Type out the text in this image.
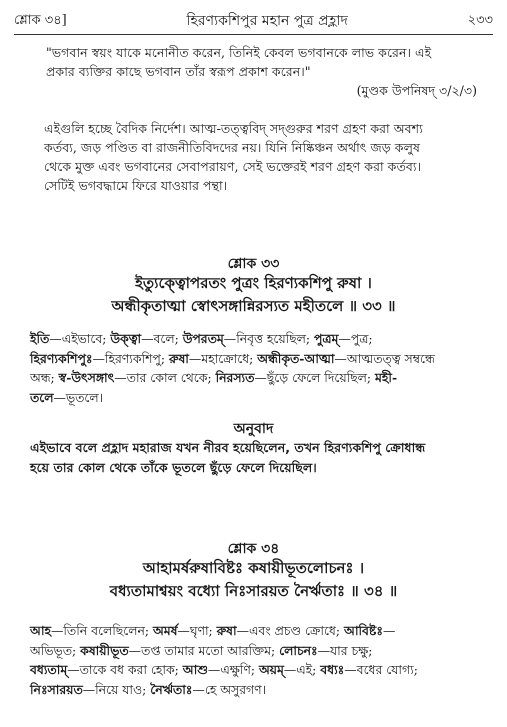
শ্লোক ৩৪]	হিরণ্যকশিপুর মহান পুত্র প্রহ্লাদ	২৩৩
"ভগবান স্বয়ং যাকে মনোনীত করেন, তিনিই কেবল ভগবানকে লাভ করেন। এই
প্রকার ব্যক্তির কাছে ভগবান তাঁর স্বরূপ প্রকাশ করেন।"
(মুণ্ডক উপনিষদ্ ৩/২/৩)
এইগুলি হচ্ছে বৈদিক নির্দেশ। আত্ম-তত্ত্ববিদ্ সদ্গুরুর শরণ গ্রহণ করা অবশ্য
কর্তব্য, জড় পণ্ডিত বা রাজনীতিবিদদের নয়। যিনি নিষ্কিঞ্চন অর্থাৎ জড় কলুষ
থেকে মুক্ত এবং ভগবানের সেবাপরায়ণ, সেই ভক্তেরই শরণ গ্রহণ করা কর্তব্য।
সেটিই ভগবদ্ধামে ফিরে যাওয়ার পন্থা।
শ্লোক ৩৩
ইত্যুক্ত্বোপরতং পুত্রং হিরণ্যকশিপু রুষা ।
অন্ধীকৃতাত্মা স্বোৎসঙ্গান্নিরস্যত মহীতলে ॥ ৩৩ ॥
ইতি—এইভাবে; উক্ত্বা—বলে; উপরতম্—নিবৃত্ত হয়েছিল; পুত্রম্—পুত্র;
হিরণ্যকশিপুঃ—হিরণ্যকশিপু; রুষা—মহাক্রোধে; অন্ধীকৃত-আত্মা—আত্মতত্ত্ব সম্বন্ধে
অন্ধ; স্ব-উৎসঙ্গাৎ—তার কোল থেকে; নিরস্যত—ছুঁড়ে ফেলে দিয়েছিল; মহী-
তলে—ভূতলে।
অনুবাদ
এইভাবে বলে প্রহ্লাদ মহারাজ যখন নীরব হয়েছিলেন, তখন হিরণ্যকশিপু ক্রোধান্ধ
হয়ে তার কোল থেকে তাঁকে ভূতলে ছুঁড়ে ফেলে দিয়েছিল।
শ্লোক ৩৪
আহামর্ষরুষাবিষ্টঃ কষায়ীভূতলোচনঃ ।
বধ্যতামাশ্বয়ং বধ্যো নিঃসারয়ত নৈর্ঋতাঃ ॥ ৩৪ ॥
আহ—তিনি বলেছিলেন; অমর্ষ—ঘৃণা; রুষা—এবং প্রচণ্ড ক্রোধে; আবিষ্টঃ—
অভিভূত; কষায়ীভূত—তপ্ত তামার মতো আরক্তিম; লোচনঃ—যার চক্ষু;
বধ্যতাম্—তাকে বধ করা হোক; আশু—এক্ষুণি; অয়ম্—এই; বধ্যঃ—বধের যোগ্য;
নিঃসারয়ত—নিয়ে যাও; নৈর্ঋতাঃ—হে অসুরগণ।
